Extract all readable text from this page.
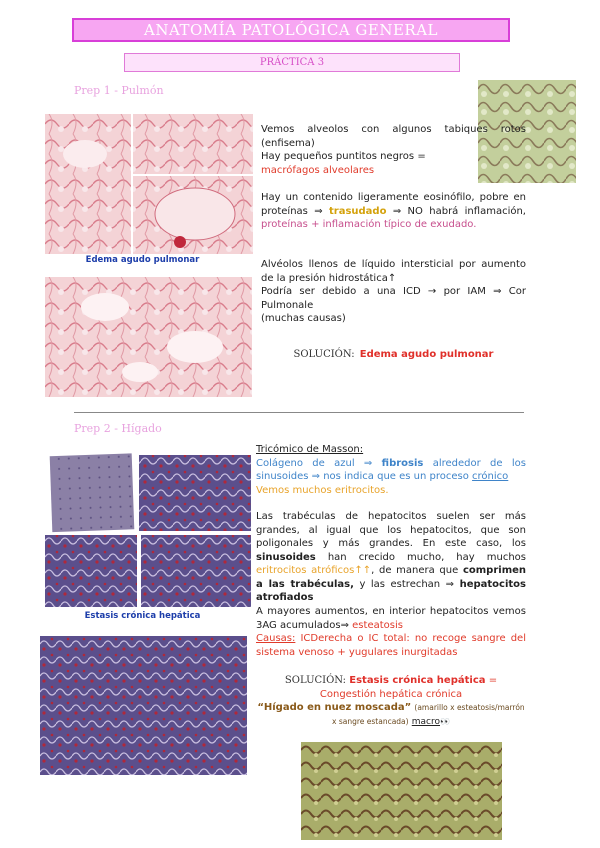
ANATOMÍA PATOLÓGICA GENERAL
PRÁCTICA 3
Prep 1 - Pulmón
Edema agudo pulmonar
Vemos alveolos con algunos tabiques rotos (enfisema)
Hay pequeños puntitos negros =
macrófagos alveolares
Hay un contenido ligeramente eosinófilo, pobre en proteínas ⇒ trasudado ⇒ NO habrá inflamación, proteínas + inflamación típico de exudado.
Alvéolos llenos de líquido intersticial por aumento de la presión hidrostática↑
Podría ser debido a una ICD → por IAM ⇒ Cor Pulmonale
(muchas causas)
SOLUCIÓN: Edema agudo pulmonar
Prep 2 - Hígado
Estasis crónica hepática
Tricómico de Masson:
Colágeno de azul ⇒ fibrosis alrededor de los sinusoides ⇒ nos indica que es un proceso crónico
Vemos muchos eritrocitos.
Las trabéculas de hepatocitos suelen ser más grandes, al igual que los hepatocitos, que son poligonales y más grandes. En este caso, los sinusoides han crecido mucho, hay muchos eritrocitos atróficos↑↑, de manera que comprimen a las trabéculas, y las estrechan ⇒ hepatocitos atrofiados
A mayores aumentos, en interior hepatocitos vemos 3AG acumulados⇒ esteatosis
Causas: ICDerecha o IC total: no recoge sangre del sistema venoso + yugulares inurgitadas
SOLUCIÓN: Estasis crónica hepática = Congestión hepática crónica
“Hígado en nuez moscada” (amarillo x esteatosis/marrón x sangre estancada) macro👀
